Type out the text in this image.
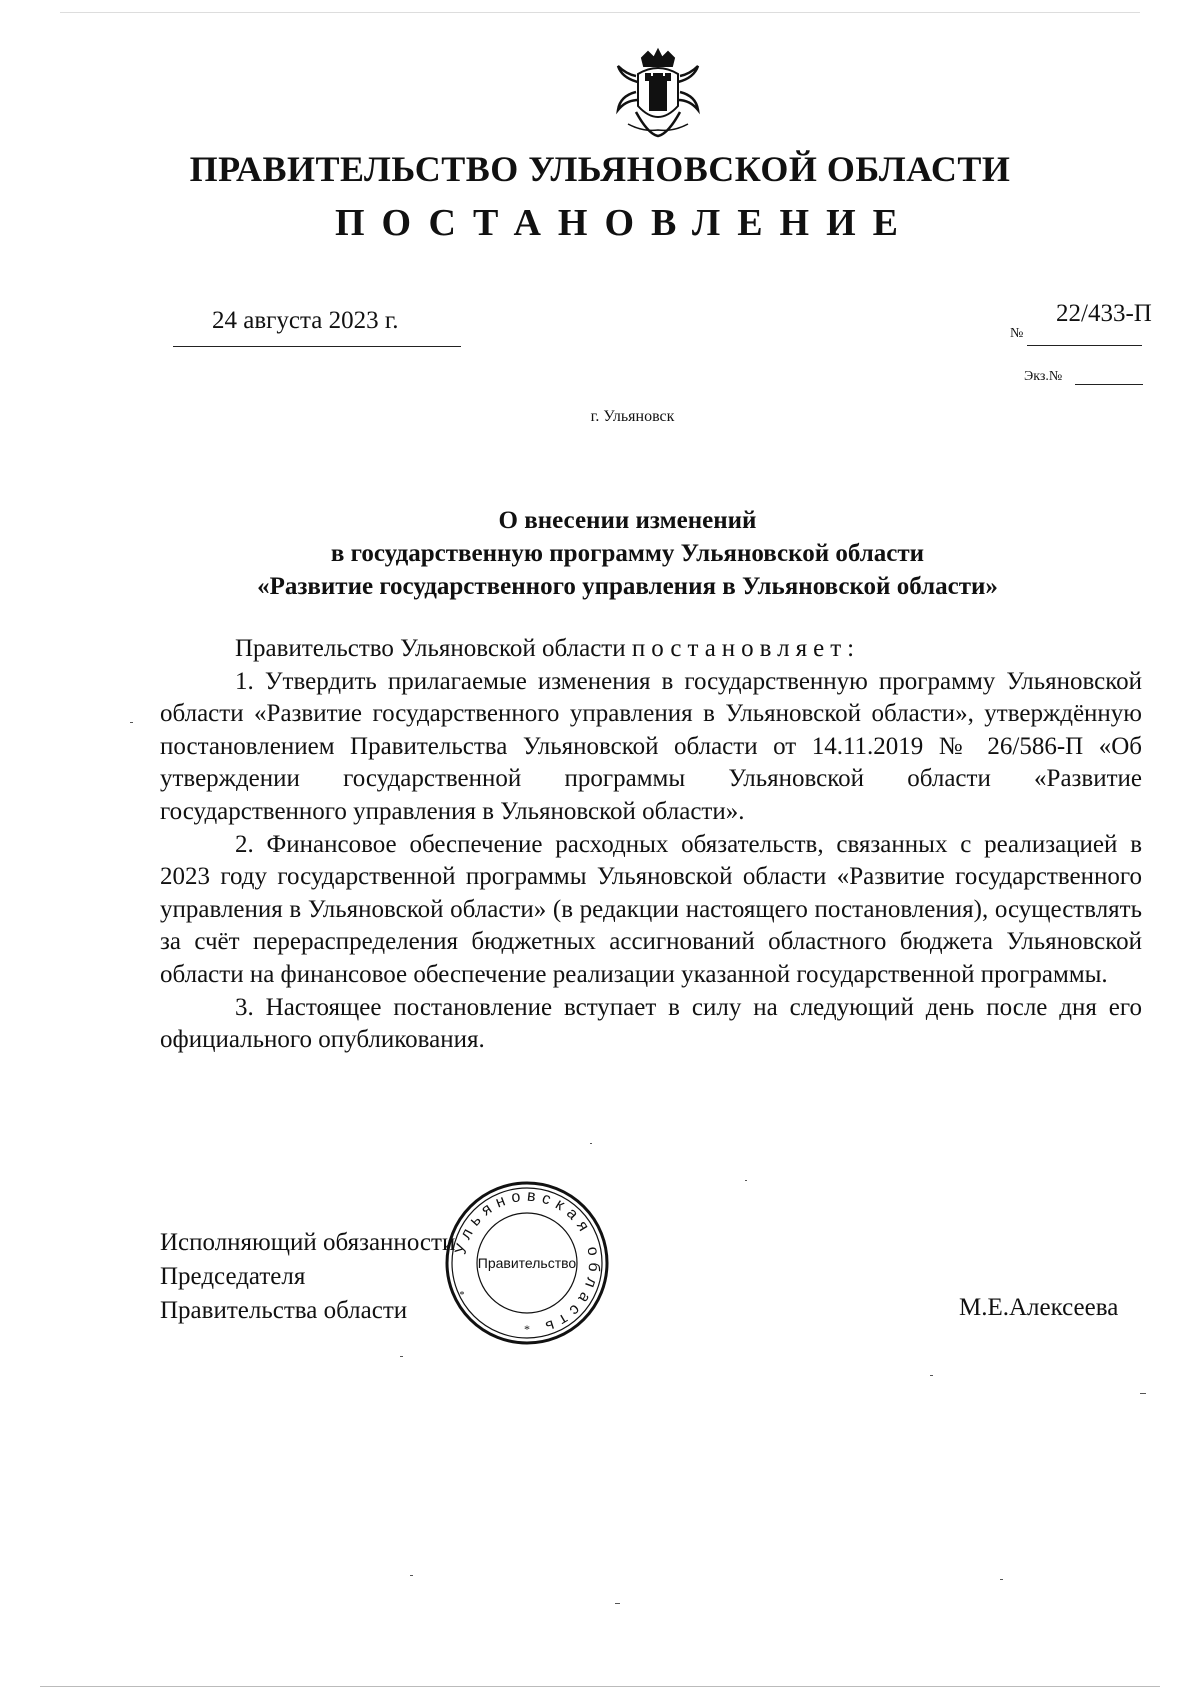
ПРАВИТЕЛЬСТВО УЛЬЯНОВСКОЙ ОБЛАСТИ
ПОСТАНОВЛЕНИЕ
24 августа 2023 г.	№
22/433-П
Экз.№
г. Ульяновск
О внесении изменений
в государственную программу Ульяновской области
«Развитие государственного управления в Ульяновской области»

Правительство Ульяновской области постановляет:

1. Утвердить прилагаемые изменения в государственную программу Ульяновской области «Развитие государственного управления в Ульяновской области», утверждённую постановлением Правительства Ульяновской области от 14.11.2019 № 26/586-П «Об утверждении государственной программы Ульяновской области «Развитие государственного управления в Ульяновской области».

2. Финансовое обеспечение расходных обязательств, связанных с реализацией в 2023 году государственной программы Ульяновской области «Развитие государственного управления в Ульяновской области» (в редакции настоящего постановления), осуществлять за счёт перераспределения бюджетных ассигнований областного бюджета Ульяновской области на финансовое обеспечение реализации указанной государственной программы.

3. Настоящее постановление вступает в силу на следующий день после дня его официального опубликования.

Исполняющий обязанности
Председателя
Правительства области	М.Е.Алексеева
Ульяновская область
Правительство
*
*
